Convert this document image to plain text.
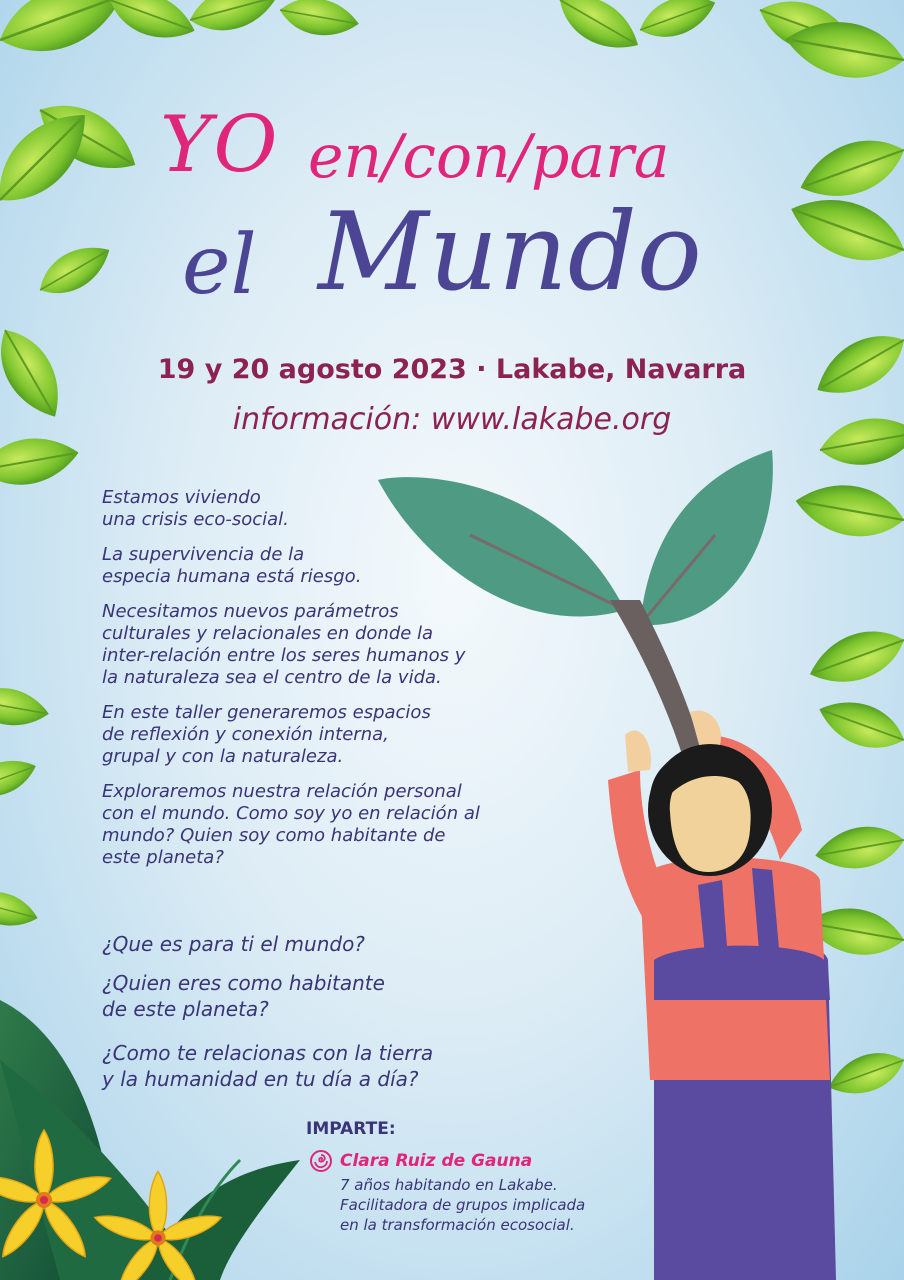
YO en/con/para
el Mundo
19 y 20 agosto 2023 · Lakabe, Navarra
información: www.lakabe.org

Estamos viviendo
una crisis eco-social.

La supervivencia de la
especia humana está riesgo.

Necesitamos nuevos parámetros
culturales y relacionales en donde la
inter-relación entre los seres humanos y
la naturaleza sea el centro de la vida.

En este taller generaremos espacios
de reflexión y conexión interna,
grupal y con la naturaleza.

Exploraremos nuestra relación personal
con el mundo. Como soy yo en relación al
mundo? Quien soy como habitante de
este planeta?

¿Que es para ti el mundo?
¿Quien eres como habitante
de este planeta?
¿Como te relacionas con la tierra
y la humanidad en tu día a día?
IMPARTE:
Clara Ruiz de Gauna
7 años habitando en Lakabe.
Facilitadora de grupos implicada
en la transformación ecosocial.
